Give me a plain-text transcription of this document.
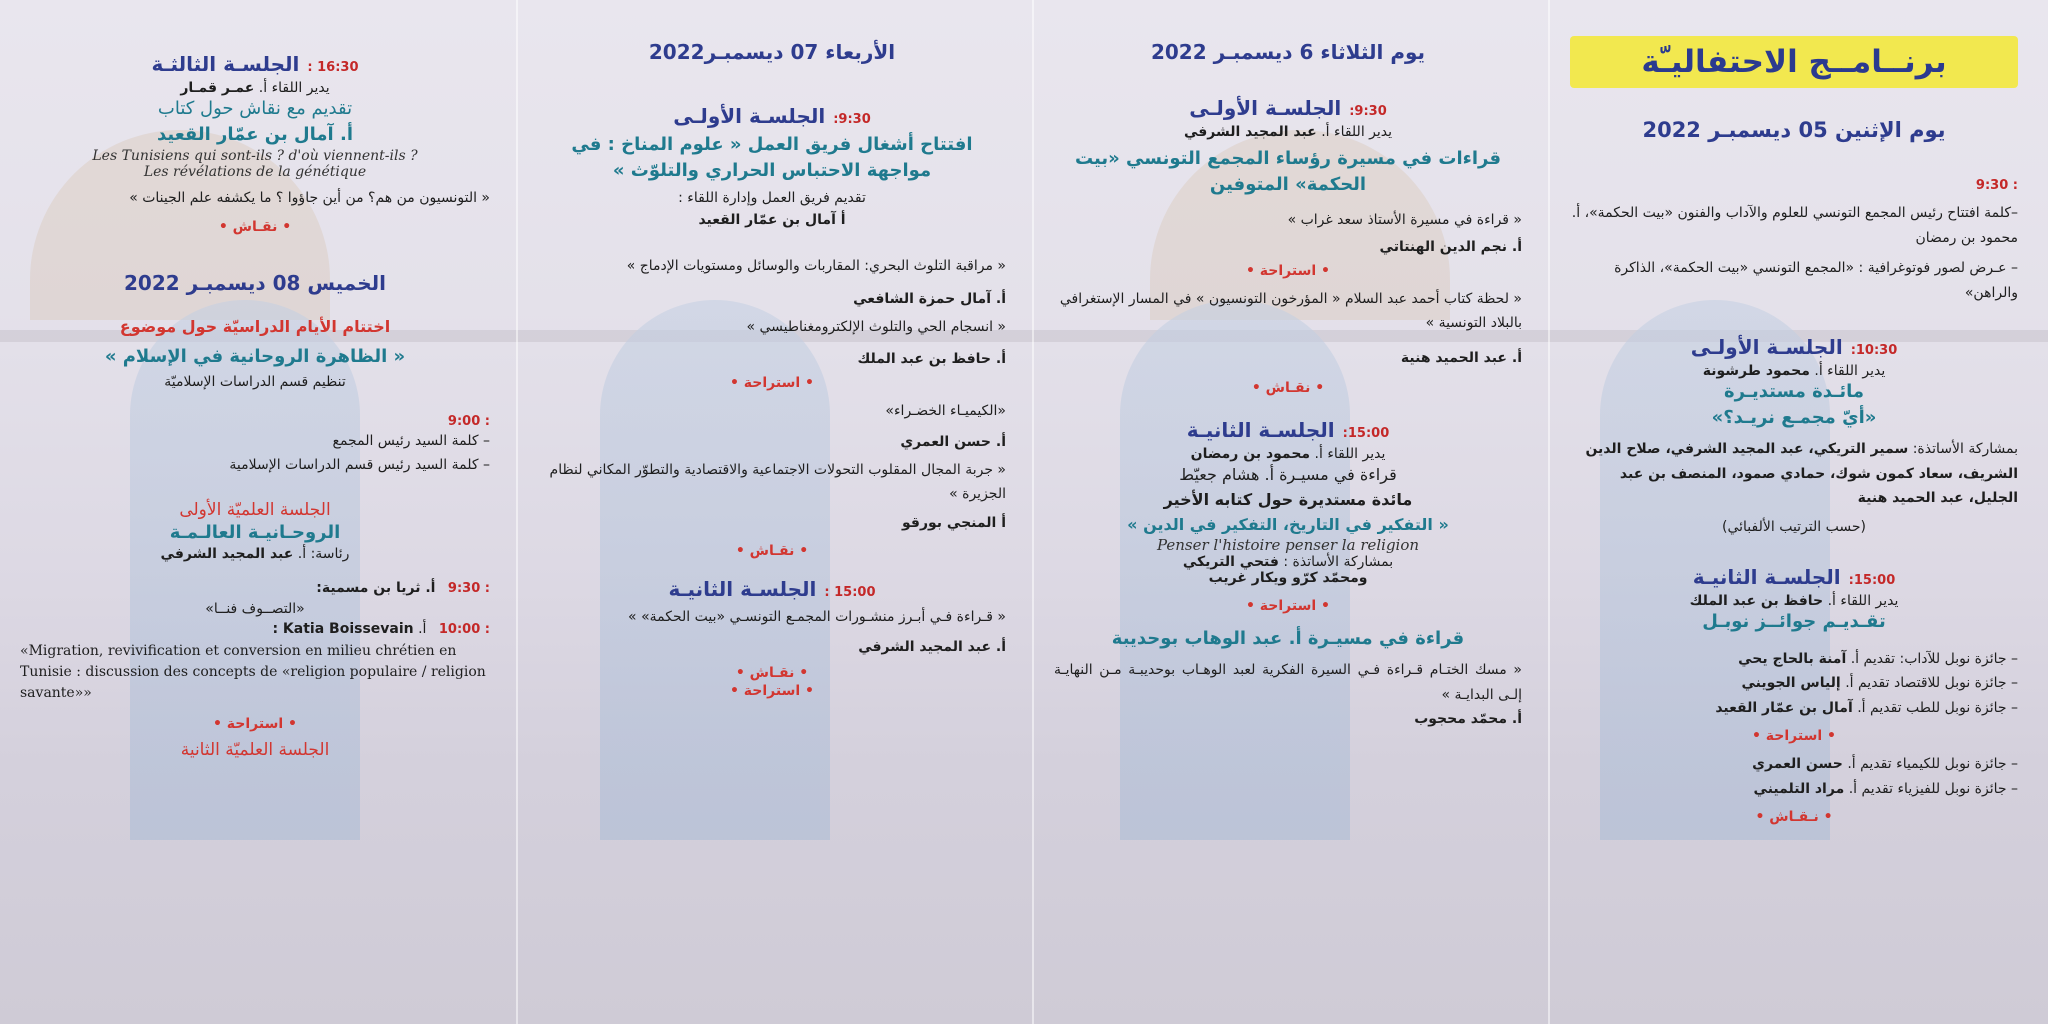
برنــامــج الاحتفاليـّة
يوم الإثنين 05 ديسمبـر 2022

: 9:30

–كلمة افتتاح رئيس المجمع التونسي للعلوم والآداب والفنون «بيت الحكمة»، أ. محمود بن رمضان

– عـرض لصور فوتوغرافية : «المجمع التونسي «بيت الحكمة»، الذاكرة والراهن»

10:30:الجلسـة الأولـى

يدير اللقاء أ. محمود طرشونة

مائـدة مستديـرة

«أيّ مجمـع نريـد؟»

بمشاركة الأساتذة: سمير التريكي، عبد المجيد الشرفي، صلاح الدين الشريف، سعاد كمون شوك، حمادي صمود، المنصف بن عبد الجليل، عبد الحميد هنية

(حسب الترتيب الألفبائي)

15:00:الجلسـة الثانيـة

يدير اللقاء أ. حافظ بن عبد الملك

تقـديـم جوائــز نوبـل

– جائزة نوبل للآداب: تقديم أ. آمنة بالحاج يحي

– جائزة نوبل للاقتصاد تقديم أ. إلياس الجويني

– جائزة نوبل للطب تقديم أ. آمال بن عمّار القعيد

• استراحة •

– جائزة نوبل للكيمياء تقديم أ. حسن العمري

– جائزة نوبل للفيزياء تقديم أ. مراد التلميني

• نـقـاش •

يوم الثلاثاء 6 ديسمبـر 2022
9:30:الجلسـة الأولـى

يدير اللقاء أ. عبد المجيد الشرفي

قراءات في مسيرة رؤساء المجمع التونسي «بيت الحكمة» المتوفين

« قراءة في مسيرة الأستاذ سعد غراب »

أ. نجم الدين الهنتاتي

• استراحة •

« لحظة كتاب أحمد عبد السلام « المؤرخون التونسيون » في المسار الإستغرافي بالبلاد التونسية »

أ. عبد الحميد هنية

• نقـاش •

15:00:الجلسـة الثانيـة

يدير اللقاء أ. محمود بن رمضان

قراءة في مسيـرة أ. هشام جعيّط

مائدة مستديرة حول كتابه الأخير

« التفكير في التاريخ، التفكير في الدين »

Penser l'histoire penser la religion

بمشاركة الأساتذة : فتحي التريكي

ومحمّد كرّو ويكار غريب

• استراحة •

قراءة في مسيـرة أ. عبد الوهاب بوحديبة

« مسك الختـام قـراءة فـي السيرة الفكرية لعبد الوهـاب بوحديبـة مـن النهايـة إلـى البدايـة »

أ. محمّد محجوب

الأربعاء 07 ديسمبـر2022
9:30:الجلسـة الأولـى

افتتاح أشغال فريق العمل « علوم المناخ : في مواجهة الاحتباس الحراري والتلوّث »

تقديم فريق العمل وإدارة اللقاء :

أ آمال بن عمّار القعيد

« مراقبة التلوث البحري: المقاربات والوسائل ومستويات الإدماج »

أ. آمال حمزة الشافعي

« انسجام الحي والتلوث الإلكترومغناطيسي »

أ. حافظ بن عبد الملك

• استراحة •

«الكيميـاء الخضـراء»

أ. حسن العمري

« جربة المجال المقلوب التحولات الاجتماعية والاقتصادية والتطوّر المكاني لنظام الجزيرة »

أ المنجي بورقو

• نقـاش •

15:00 :الجلسـة الثانيـة

« قـراءة فـي أبـرز منشـورات المجمـع التونسـي «بيت الحكمة» »

أ. عبد المجيد الشرفي

• نقـاش •

• استراحة •

16:30 :الجلسـة الثالثـة

يدير اللقاء أ. عمـر قمـار

تقديم مع نقاش حول كتاب

أ. آمال بن عمّار القعيد

Les Tunisiens qui sont-ils ? d'où viennent-ils ?

Les révélations de la génétique

« التونسيون من هم؟ من أين جاؤوا ؟ ما يكشفه علم الجينات »

• نقـاش •

الخميس 08 ديسمبـر 2022

اختتام الأيام الدراسيّة حول موضوع

« الظاهرة الروحانية في الإسلام »

تنظيم قسم الدراسات الإسلاميّة

: 9:00

– كلمة السيد رئيس المجمع

– كلمة السيد رئيس قسم الدراسات الإسلامية

الجلسة العلميّة الأولى

الروحـانيـة العالـمـة

رئاسة: أ. عبد المجيد الشرفي

: 9:30 أ. ثريا بن مسمية:

«التصــوف فنــا»

: 10:00 أ. Katia Boissevain :

«Migration, revivification et conversion en milieu chrétien en Tunisie : discussion des concepts de «religion populaire / religion savante»»

• استراحة •

الجلسة العلميّة الثانية
